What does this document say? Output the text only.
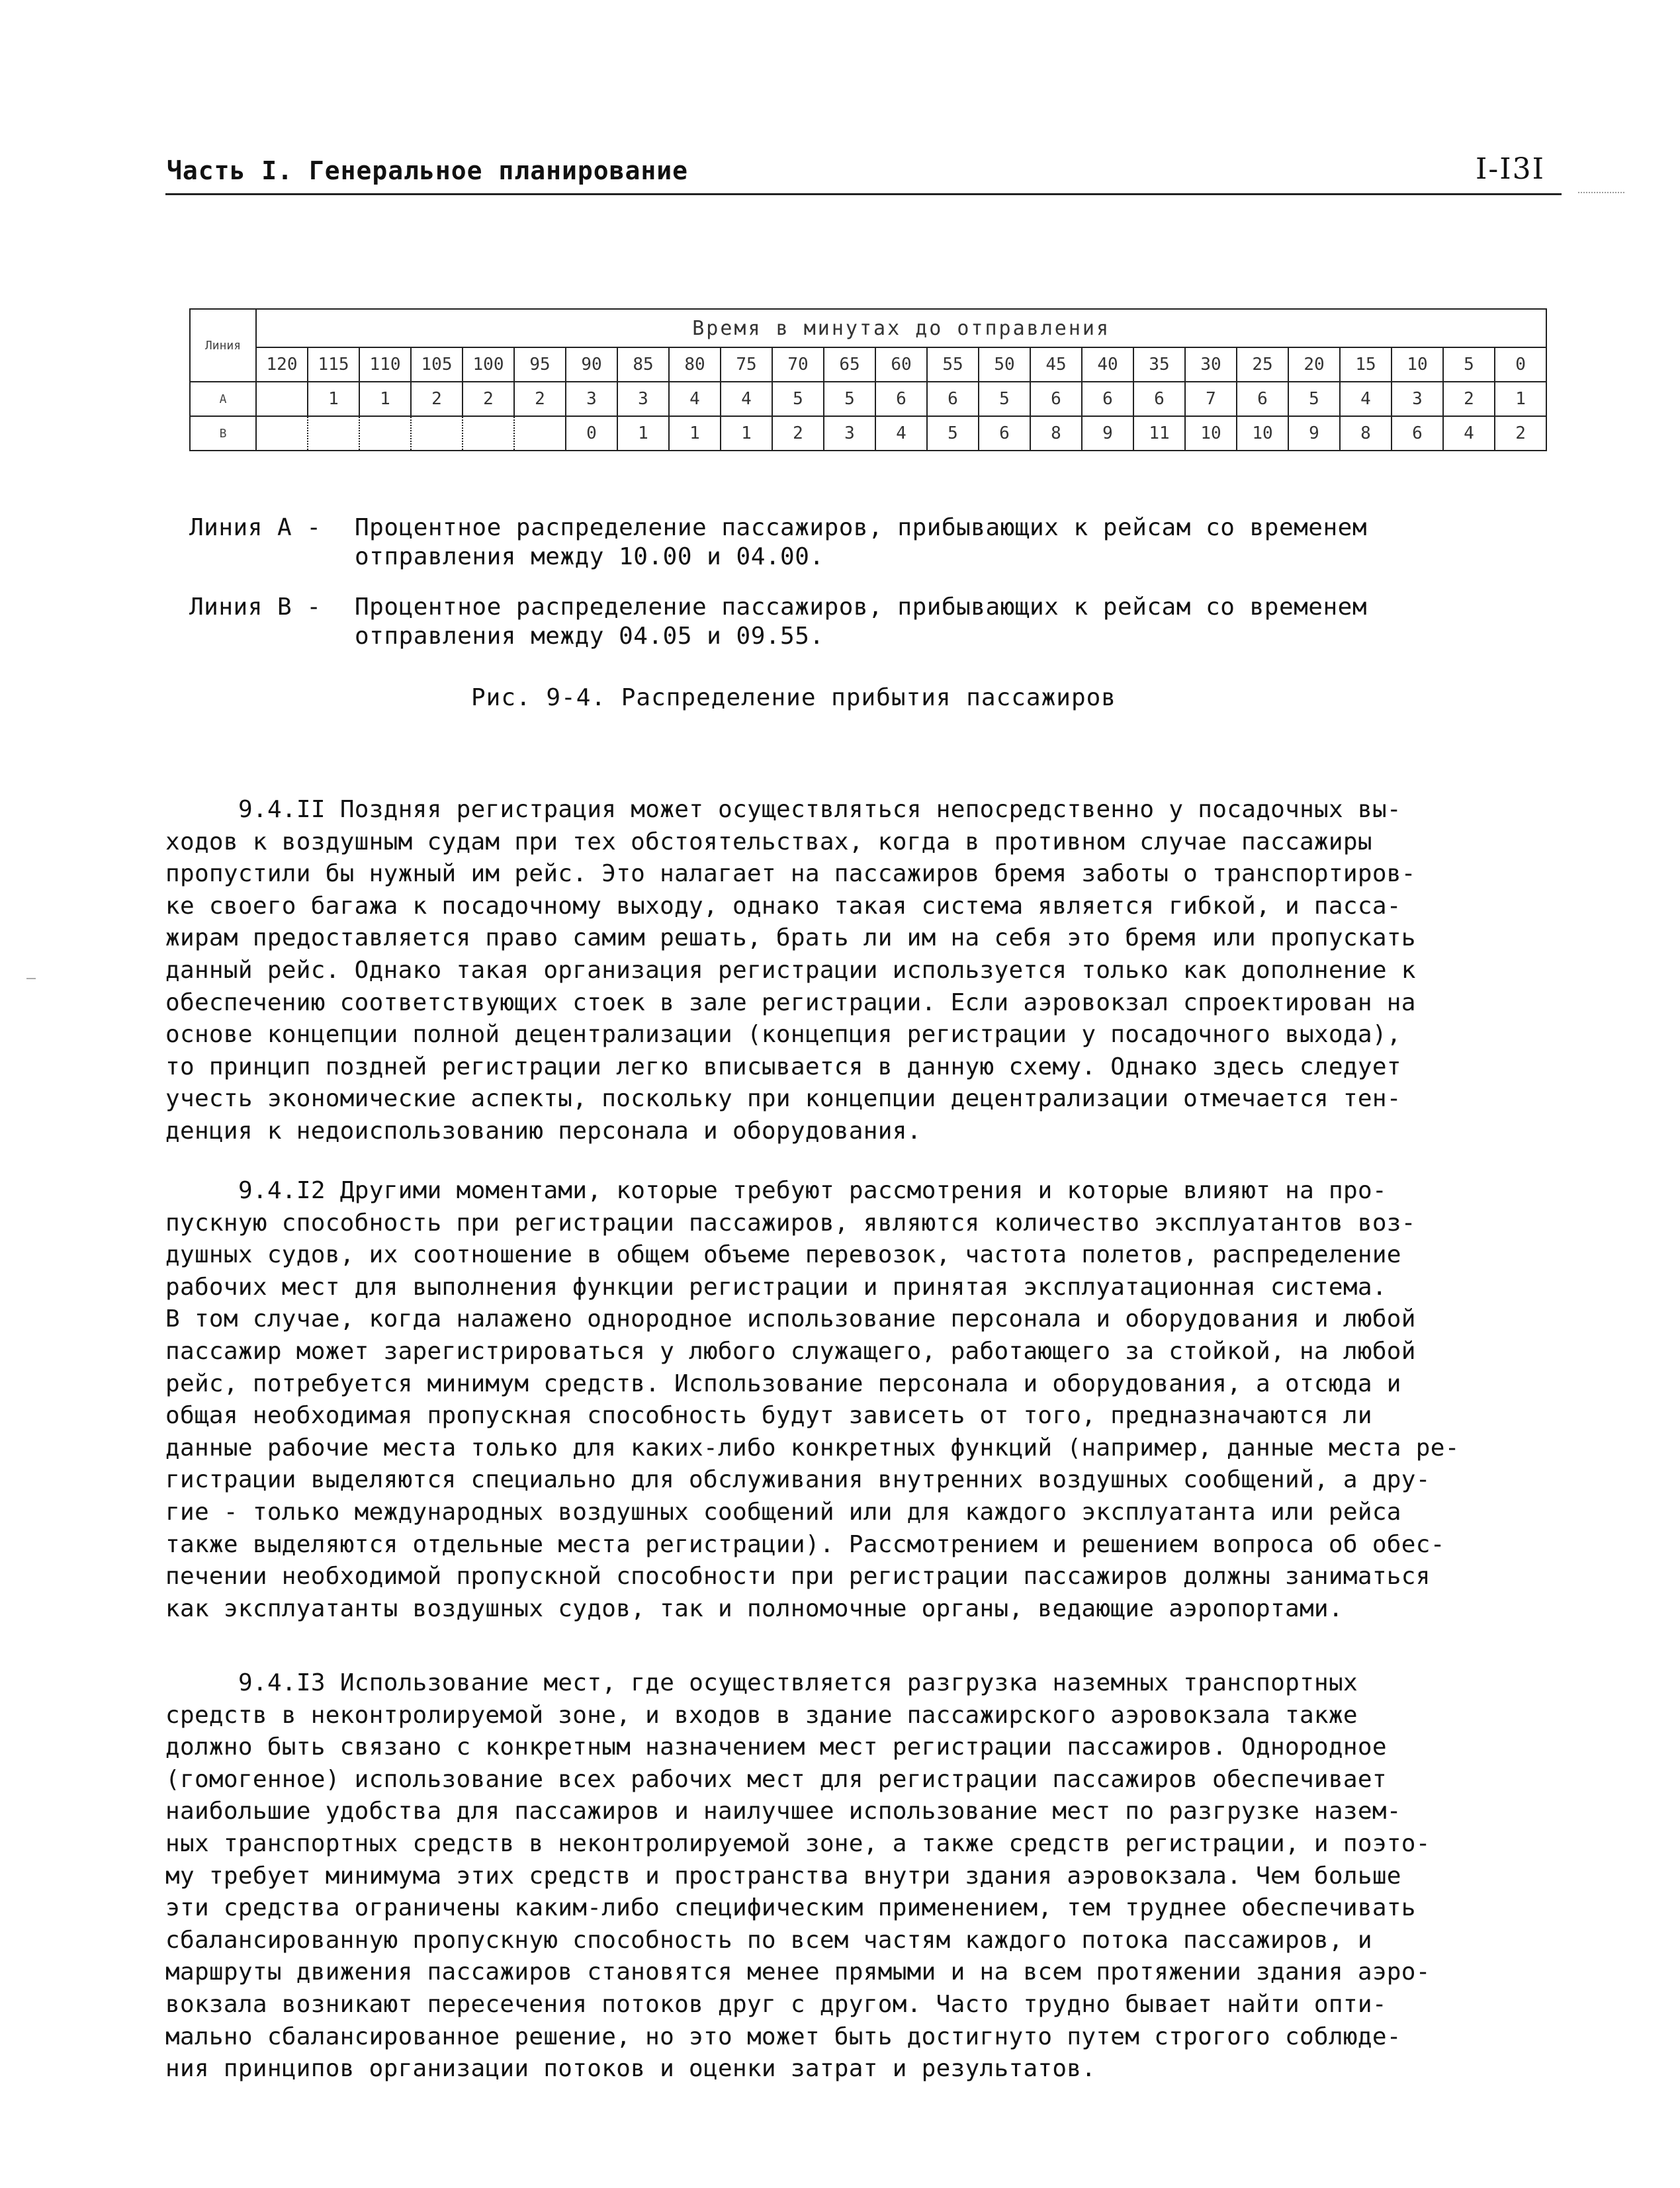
Часть I. Генеральное планирование	I-I3I
Линия	Время в минутах до отправления																								
	120	115	110	105	100	95	90	85	80	75	70	65	60	55	50	45	40	35	30	25	20	15	10	5	0
А		1	1	2	2	2	3	3	4	4	5	5	6	6	5	6	6	6	7	6	5	4	3	2	1
В							0	1	1	1	2	3	4	5	6	8	9	11	10	10	9	8	6	4	2
Линия А - Процентное распределение пассажиров, прибывающих к рейсам со временем
отправления между 10.00 и 04.00.
Линия В - Процентное распределение пассажиров, прибывающих к рейсам со временем
отправления между 04.05 и 09.55.
Рис. 9-4. Распределение прибытия пассажиров

9.4.II Поздняя регистрация может осуществляться непосредственно у посадочных вы-

ходов к воздушным судам при тех обстоятельствах, когда в противном случае пассажиры

пропустили бы нужный им рейс. Это налагает на пассажиров бремя заботы о транспортиров-

ке своего багажа к посадочному выходу, однако такая система является гибкой, и пасса-

жирам предоставляется право самим решать, брать ли им на себя это бремя или пропускать

данный рейс. Однако такая организация регистрации используется только как дополнение к

обеспечению соответствующих стоек в зале регистрации. Если аэровокзал спроектирован на

основе концепции полной децентрализации (концепция регистрации у посадочного выхода),

то принцип поздней регистрации легко вписывается в данную схему. Однако здесь следует

учесть экономические аспекты, поскольку при концепции децентрализации отмечается тен-

денция к недоиспользованию персонала и оборудования.

9.4.I2 Другими моментами, которые требуют рассмотрения и которые влияют на про-

пускную способность при регистрации пассажиров, являются количество эксплуатантов воз-

душных судов, их соотношение в общем объеме перевозок, частота полетов, распределение

рабочих мест для выполнения функции регистрации и принятая эксплуатационная система.

В том случае, когда налажено однородное использование персонала и оборудования и любой

пассажир может зарегистрироваться у любого служащего, работающего за стойкой, на любой

рейс, потребуется минимум средств. Использование персонала и оборудования, а отсюда и

общая необходимая пропускная способность будут зависеть от того, предназначаются ли

данные рабочие места только для каких-либо конкретных функций (например, данные места ре-

гистрации выделяются специально для обслуживания внутренних воздушных сообщений, а дру-

гие - только международных воздушных сообщений или для каждого эксплуатанта или рейса

также выделяются отдельные места регистрации). Рассмотрением и решением вопроса об обес-

печении необходимой пропускной способности при регистрации пассажиров должны заниматься

как эксплуатанты воздушных судов, так и полномочные органы, ведающие аэропортами.

9.4.I3 Использование мест, где осуществляется разгрузка наземных транспортных

средств в неконтролируемой зоне, и входов в здание пассажирского аэровокзала также

должно быть связано с конкретным назначением мест регистрации пассажиров. Однородное

(гомогенное) использование всех рабочих мест для регистрации пассажиров обеспечивает

наибольшие удобства для пассажиров и наилучшее использование мест по разгрузке назем-

ных транспортных средств в неконтролируемой зоне, а также средств регистрации, и поэто-

му требует минимума этих средств и пространства внутри здания аэровокзала. Чем больше

эти средства ограничены каким-либо специфическим применением, тем труднее обеспечивать

сбалансированную пропускную способность по всем частям каждого потока пассажиров, и

маршруты движения пассажиров становятся менее прямыми и на всем протяжении здания аэро-

вокзала возникают пересечения потоков друг с другом. Часто трудно бывает найти опти-

мально сбалансированное решение, но это может быть достигнуто путем строгого соблюде-

ния принципов организации потоков и оценки затрат и результатов.
